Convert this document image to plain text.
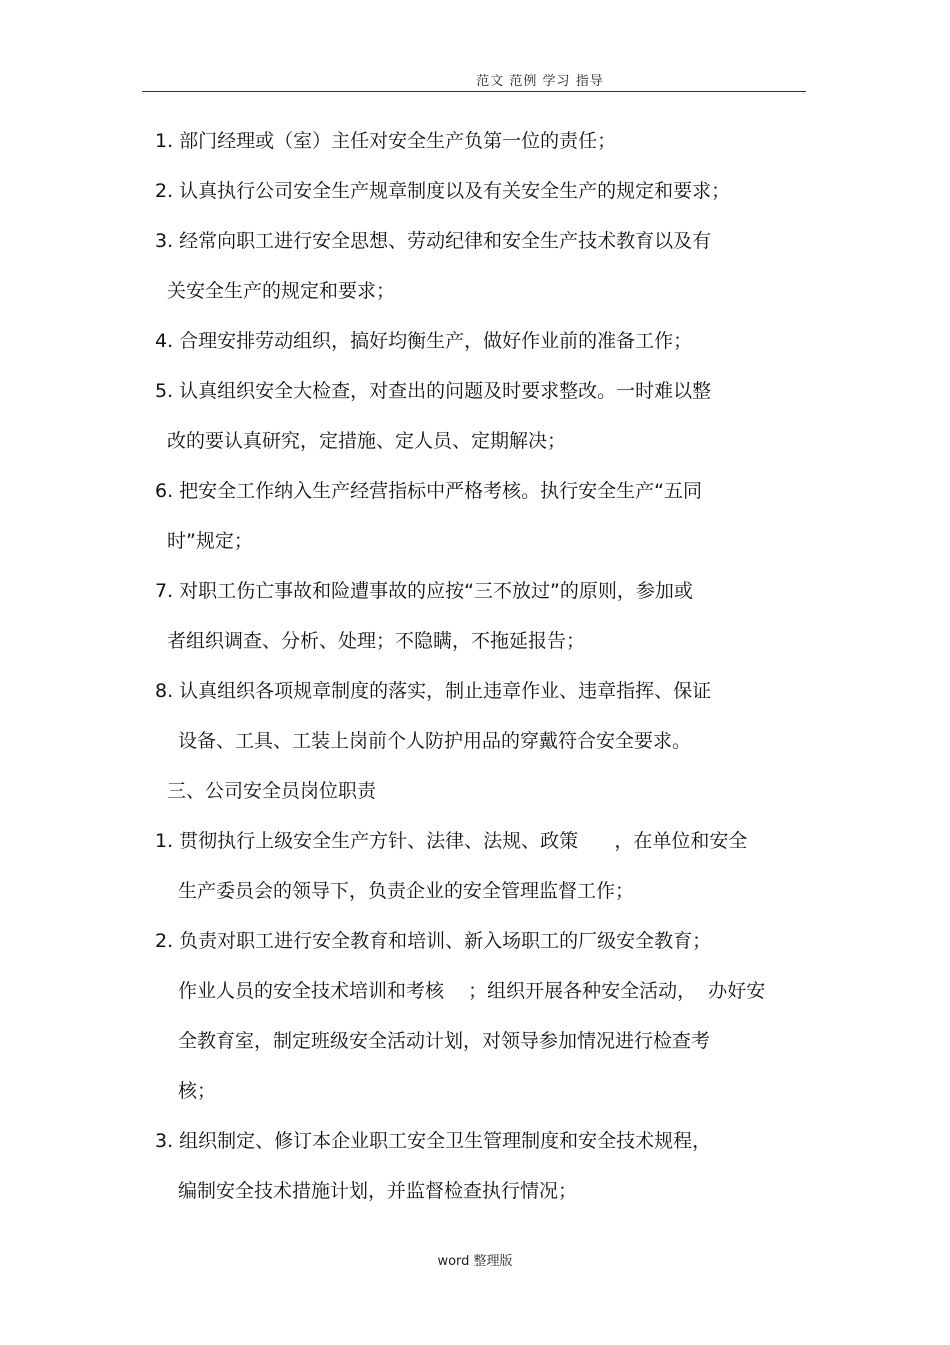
范文 范例 学习 指导
1. 部门经理或（室）主任对安全生产负第一位的责任；
2. 认真执行公司安全生产规章制度以及有关安全生产的规定和要求；
3. 经常向职工进行安全思想、劳动纪律和安全生产技术教育以及有
关安全生产的规定和要求；
4. 合理安排劳动组织，搞好均衡生产，做好作业前的准备工作；
5. 认真组织安全大检查，对查出的问题及时要求整改。一时难以整
改的要认真研究，定措施、定人员、定期解决；
6. 把安全工作纳入生产经营指标中严格考核。执行安全生产“五同
时”规定；
7. 对职工伤亡事故和险遭事故的应按“三不放过”的原则，参加或
者组织调查、分析、处理；不隐瞒，不拖延报告；
8. 认真组织各项规章制度的落实，制止违章作业、违章指挥、保证
设备、工具、工装上岗前个人防护用品的穿戴符合安全要求。
三、公司安全员岗位职责
1. 贯彻执行上级安全生产方针、法律、法规、政策      ，在单位和安全
生产委员会的领导下，负责企业的安全管理监督工作；
2. 负责对职工进行安全教育和培训、新入场职工的厂级安全教育；
作业人员的安全技术培训和考核    ；组织开展各种安全活动，  办好安
全教育室，制定班级安全活动计划，对领导参加情况进行检查考
核；
3. 组织制定、修订本企业职工安全卫生管理制度和安全技术规程，
编制安全技术措施计划，并监督检查执行情况；
word 整理版
